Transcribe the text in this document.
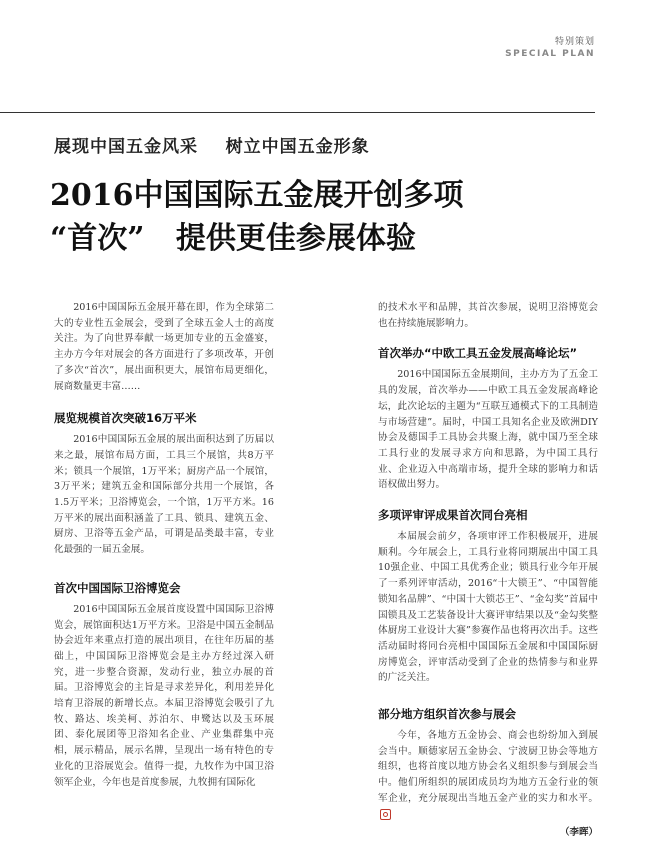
特别策划
SPECIAL PLAN
展现中国五金风采    树立中国五金形象
2016中国国际五金展开创多项
“首次”   提供更佳参展体验

2016中国国际五金展开幕在即，作为全球第二大的专业性五金展会，受到了全球五金人士的高度关注。为了向世界奉献一场更加专业的五金盛宴，主办方今年对展会的各方面进行了多项改革，开创了多次“首次”，展出面积更大，展馆布局更细化，展商数量更丰富……

展览规模首次突破16万平米

2016中国国际五金展的展出面积达到了历届以来之最，展馆布局方面，工具三个展馆，共8万平米；锁具一个展馆，1万平米；厨房产品一个展馆，3万平米；建筑五金和国际部分共用一个展馆，各1.5万平米；卫浴博览会，一个馆，1万平方米。16万平米的展出面积涵盖了工具、锁具、建筑五金、厨房、卫浴等五金产品，可谓是品类最丰富，专业化最强的一届五金展。

首次中国国际卫浴博览会

2016中国国际五金展首度设置中国国际卫浴博览会，展馆面积达1万平方米。卫浴是中国五金制品协会近年来重点打造的展出项目，在往年历届的基础上，中国国际卫浴博览会是主办方经过深入研究，进一步整合资源，发动行业，独立办展的首届。卫浴博览会的主旨是寻求差异化，利用差异化培育卫浴展的新增长点。本届卫浴博览会吸引了九牧、路达、埃美柯、苏泊尔、申鹭达以及玉环展团、泰化展团等卫浴知名企业、产业集群集中亮相，展示精品，展示名牌，呈现出一场有特色的专业化的卫浴展览会。值得一提，九牧作为中国卫浴领军企业，今年也是首度参展，九牧拥有国际化

的技术水平和品牌，其首次参展，说明卫浴博览会也在持续施展影响力。

首次举办“中欧工具五金发展高峰论坛”

2016中国国际五金展期间，主办方为了五金工具的发展，首次举办——中欧工具五金发展高峰论坛，此次论坛的主题为“互联互通模式下的工具制造与市场营建”。届时，中国工具知名企业及欧洲DIY协会及德国手工具协会共聚上海，就中国乃至全球工具行业的发展寻求方向和思路，为中国工具行业、企业迈入中高端市场，提升全球的影响力和话语权做出努力。

多项评审评成果首次同台亮相

本届展会前夕，各项审评工作积极展开，进展顺利。今年展会上，工具行业将同期展出中国工具10强企业、中国工具优秀企业；锁具行业今年开展了一系列评审活动，2016“十大锁王”、“中国智能锁知名品牌”、“中国十大锁芯王”、“金勾奖”首届中国锁具及工艺装备设计大赛评审结果以及“金勾奖整体厨房工业设计大赛”参赛作品也将再次出手。这些活动届时将同台亮相中国国际五金展和中国国际厨房博览会，评审活动受到了企业的热情参与和业界的广泛关注。

部分地方组织首次参与展会

今年，各地方五金协会、商会也纷纷加入到展会当中。顺德家居五金协会、宁波厨卫协会等地方组织，也将首度以地方协会名义组织参与到展会当中。他们所组织的展团成员均为地方五金行业的领军企业，充分展现出当地五金产业的实力和水平。

（李晖）
